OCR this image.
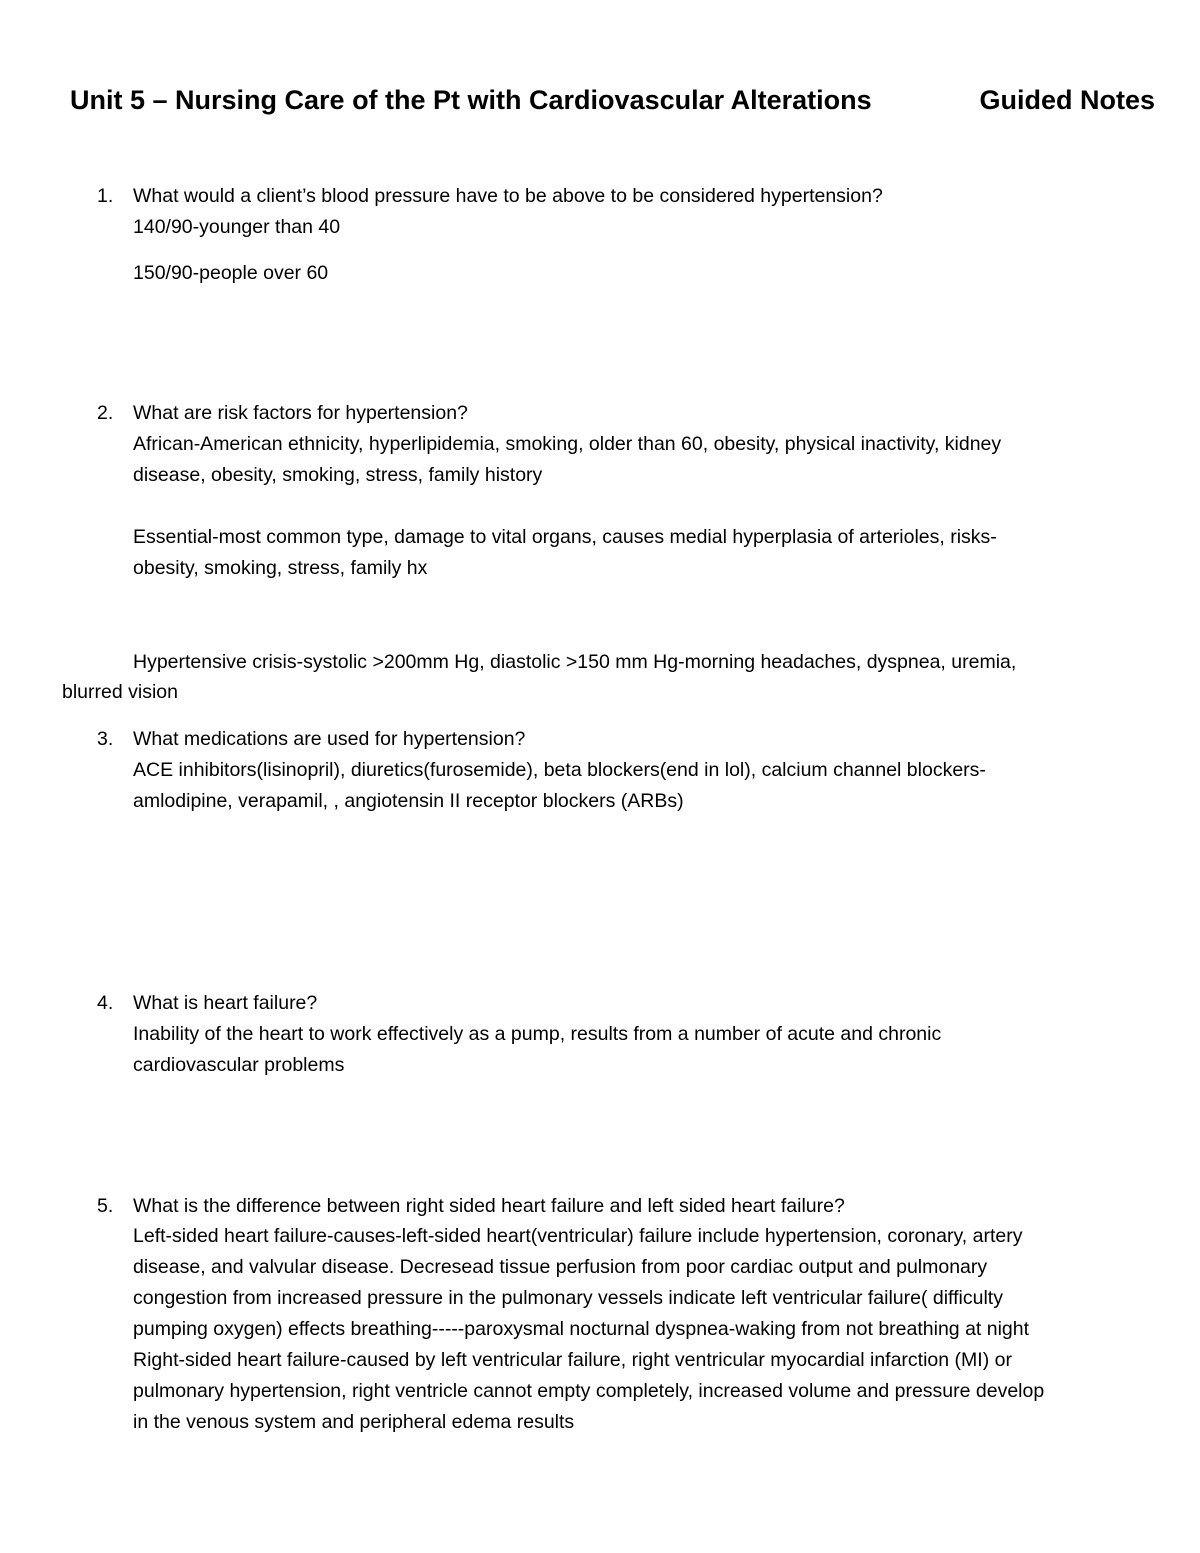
Unit 5 – Nursing Care of the Pt with Cardiovascular Alterations	Guided Notes
1.	What would a client’s blood pressure have to be above to be considered hypertension?
140/90-younger than 40
150/90-people over 60
2.	What are risk factors for hypertension?
African-American ethnicity, hyperlipidemia, smoking, older than 60, obesity, physical inactivity, kidney
disease, obesity, smoking, stress, family history
Essential-most common type, damage to vital organs, causes medial hyperplasia of arterioles, risks-
obesity, smoking, stress, family hx
Hypertensive crisis-systolic >200mm Hg, diastolic >150 mm Hg-morning headaches, dyspnea, uremia,
blurred vision
3.	What medications are used for hypertension?
ACE inhibitors(lisinopril), diuretics(furosemide), beta blockers(end in lol), calcium channel blockers-
amlodipine, verapamil, , angiotensin II receptor blockers (ARBs)
4.	What is heart failure?
Inability of the heart to work effectively as a pump, results from a number of acute and chronic
cardiovascular problems
5.	What is the difference between right sided heart failure and left sided heart failure?
Left-sided heart failure-causes-left-sided heart(ventricular) failure include hypertension, coronary, artery
disease, and valvular disease. Decresead tissue perfusion from poor cardiac output and pulmonary
congestion from increased pressure in the pulmonary vessels indicate left ventricular failure( difficulty
pumping oxygen) effects breathing-----paroxysmal nocturnal dyspnea-waking from not breathing at night
Right-sided heart failure-caused by left ventricular failure, right ventricular myocardial infarction (MI) or
pulmonary hypertension, right ventricle cannot empty completely, increased volume and pressure develop
in the venous system and peripheral edema results
